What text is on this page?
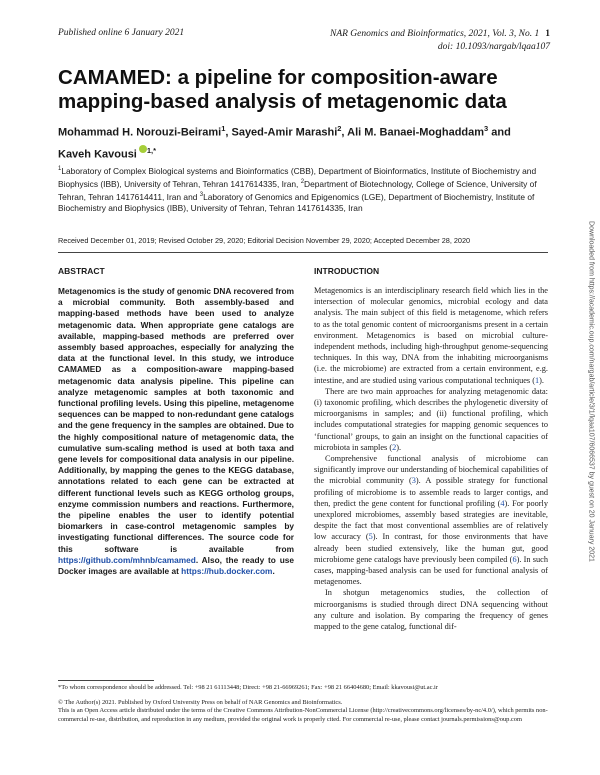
Published online 6 January 2021	NAR Genomics and Bioinformatics, 2021, Vol. 3, No. 1 1
doi: 10.1093/nargab/lqaa107
CAMAMED: a pipeline for composition-aware mapping-based analysis of metagenomic data
Mohammad H. Norouzi-Beirami$^1$, Sayed-Amir Marashi$^2$, Ali M. Banaei-Moghaddam$^3$ and
Kaveh Kavousi $^{1,*}$

$^1$Laboratory of Complex Biological systems and Bioinformatics (CBB), Department of Bioinformatics, Institute of Biochemistry and Biophysics (IBB), University of Tehran, Tehran 1417614335, Iran, $^2$Department of Biotechnology, College of Science, University of Tehran, Tehran 1417614411, Iran and $^3$Laboratory of Genomics and Epigenomics (LGE), Department of Biochemistry, Institute of Biochemistry and Biophysics (IBB), University of Tehran, Tehran 1417614335, Iran

Received December 01, 2019; Revised October 29, 2020; Editorial Decision November 29, 2020; Accepted December 28, 2020
ABSTRACT
Metagenomics is the study of genomic DNA recovered from a microbial community. Both assembly-based and mapping-based methods have been used to analyze metagenomic data. When appropriate gene catalogs are available, mapping-based methods are preferred over assembly based approaches, especially for analyzing the data at the functional level. In this study, we introduce CAMAMED as a composition-aware mapping-based metagenomic data analysis pipeline. This pipeline can analyze metagenomic samples at both taxonomic and functional profiling levels. Using this pipeline, metagenome sequences can be mapped to non-redundant gene catalogs and the gene frequency in the samples are obtained. Due to the highly compositional nature of metagenomic data, the cumulative sum-scaling method is used at both taxa and gene levels for compositional data analysis in our pipeline. Additionally, by mapping the genes to the KEGG database, annotations related to each gene can be extracted at different functional levels such as KEGG ortholog groups, enzyme commission numbers and reactions. Furthermore, the pipeline enables the user to identify potential biomarkers in case-control metagenomic samples by investigating functional differences. The source code for this software is available from https://github.com/mhnb/camamed. Also, the ready to use Docker images are available at https://hub.docker.com.
INTRODUCTION

Metagenomics is an interdisciplinary research field which lies in the intersection of molecular genomics, microbial ecology and data analysis. The main subject of this field is metagenome, which refers to as the total genomic content of microorganisms present in a certain environment. Metagenomics is based on microbial culture-independent methods, including high-throughput genome-sequencing techniques. In this way, DNA from the inhabiting microorganisms (i.e. the microbiome) are extracted from a certain environment, e.g. intestine, and are studied using various computational techniques (1).

There are two main approaches for analyzing metagenomic data: (i) taxonomic profiling, which describes the phylogenetic diversity of microorganisms in samples; and (ii) functional profiling, which includes computational strategies for mapping genomic sequences to ‘functional’ groups, to gain an insight on the functional capacities of microbiota in samples (2).

Comprehensive functional analysis of microbiome can significantly improve our understanding of biochemical capabilities of the microbial community (3). A possible strategy for functional profiling of microbiome is to assemble reads to larger contigs, and then, predict the gene content for functional profiling (4). For poorly unexplored microbiomes, assembly based strategies are inevitable, despite the fact that most conventional assemblies are of relatively low accuracy (5). In contrast, for those environments that have already been studied extensively, like the human gut, good microbiome gene catalogs have previously been compiled (6). In such cases, mapping-based analysis can be used for functional analysis of metagenomes.

In shotgun metagenomics studies, the collection of microorganisms is studied through direct DNA sequencing without any culture and isolation. By comparing the frequency of genes mapped to the gene catalog, functional dif-

*To whom correspondence should be addressed. Tel: +98 21 61113448; Direct: +98 21-66969261; Fax: +98 21 66404680; Email: kkavousi@ut.ac.ir
© The Author(s) 2021. Published by Oxford University Press on behalf of NAR Genomics and Bioinformatics.
This is an Open Access article distributed under the terms of the Creative Commons Attribution-NonCommercial License (http://creativecommons.org/licenses/by-nc/4.0/), which permits non-commercial re-use, distribution, and reproduction in any medium, provided the original work is properly cited. For commercial re-use, please contact journals.permissions@oup.com
Downloaded from https://academic.oup.com/nargab/article/3/1/lqaa107/6066537 by guest on 20 January 2021
